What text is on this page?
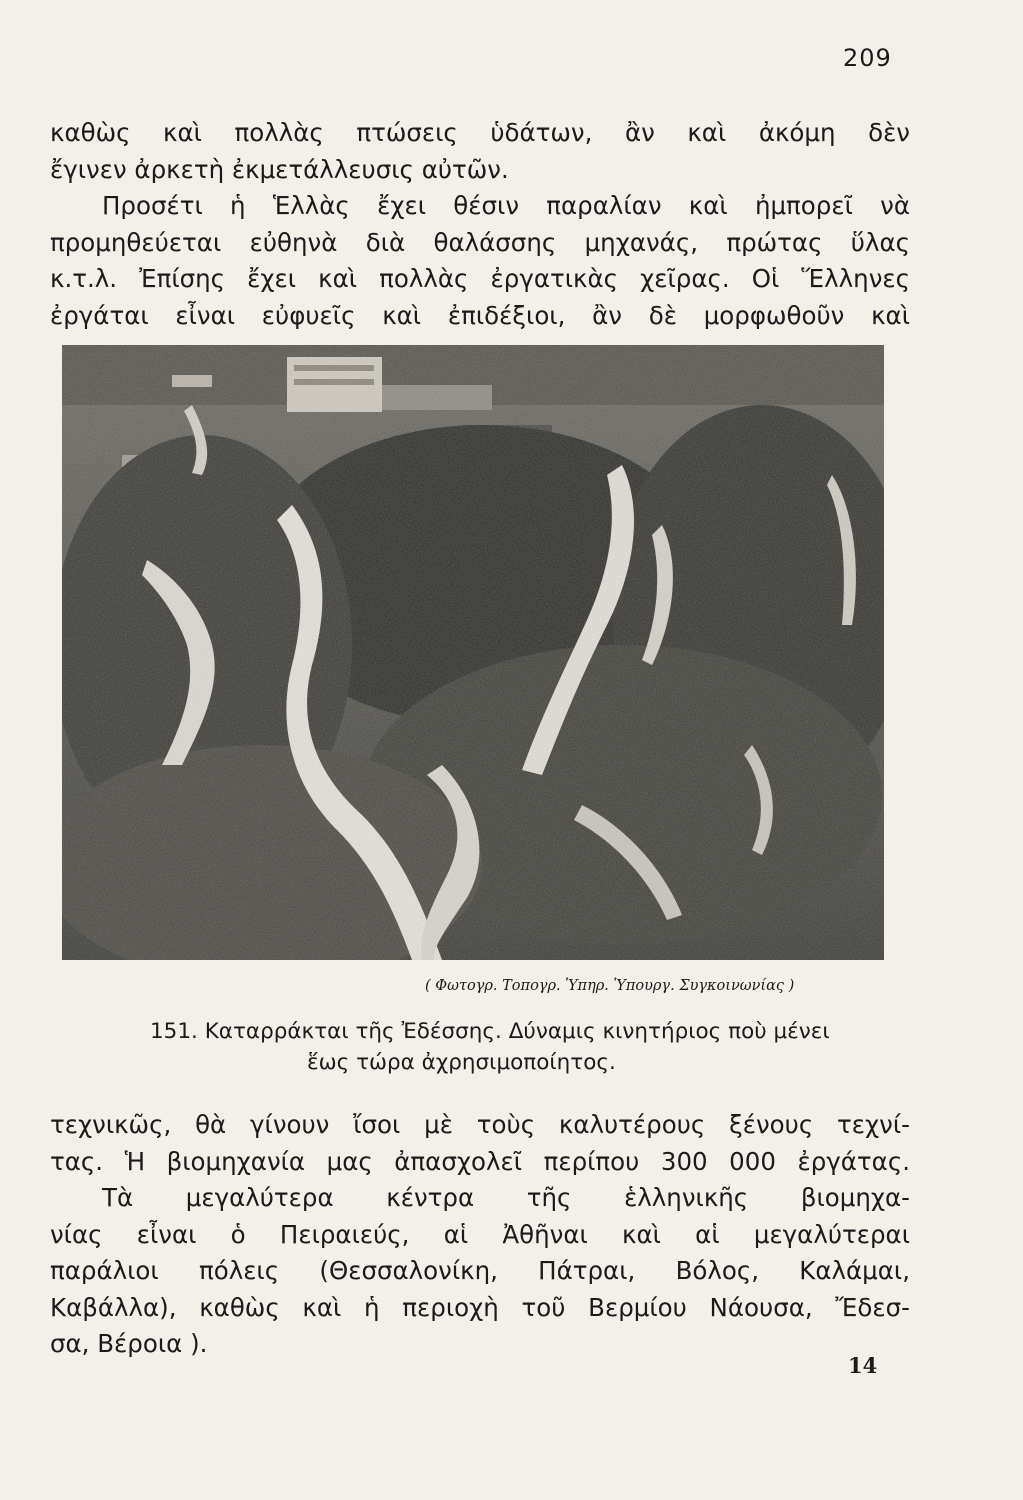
209
καθὼς καὶ πολλὰς πτώσεις ὑδάτων, ἂν καὶ ἀκόμη δὲν
ἔγινεν ἀρκετὴ ἐκμετάλλευσις αὐτῶν.
Προσέτι ἡ Ἑλλὰς ἔχει θέσιν παραλίαν καὶ ἠμπορεῖ νὰ
προμηθεύεται εὐθηνὰ διὰ θαλάσσης μηχανάς, πρώτας ὕλας
κ.τ.λ. Ἐπίσης ἔχει καὶ πολλὰς ἐργατικὰς χεῖρας. Οἱ Ἕλληνες
ἐργάται εἶναι εὐφυεῖς καὶ ἐπιδέξιοι, ἂν δὲ μορφωθοῦν καὶ
( Φωτογρ. Τοπογρ. Ὑπηρ. Ὑπουργ. Συγκοινωνίας )
151. Καταρράκται τῆς Ἐδέσσης. Δύναμις κινητήριος ποὺ μένει
ἕως τώρα ἀχρησιμοποίητος.
τεχνικῶς, θὰ γίνουν ἴσοι μὲ τοὺς καλυτέρους ξένους τεχνί-
τας. Ἡ βιομηχανία μας ἀπασχολεῖ περίπου 300 000 ἐργάτας.
Τὰ μεγαλύτερα κέντρα τῆς ἑλληνικῆς βιομηχα-
νίας εἶναι ὁ Πειραιεύς, αἱ Ἀθῆναι καὶ αἱ μεγαλύτεραι
παράλιοι πόλεις (Θεσσαλονίκη, Πάτραι, Βόλος, Καλάμαι,
Καβάλλα), καθὼς καὶ ἡ περιοχὴ τοῦ Βερμίου Νάουσα, Ἔδεσ-
σα, Βέροια ).
14
